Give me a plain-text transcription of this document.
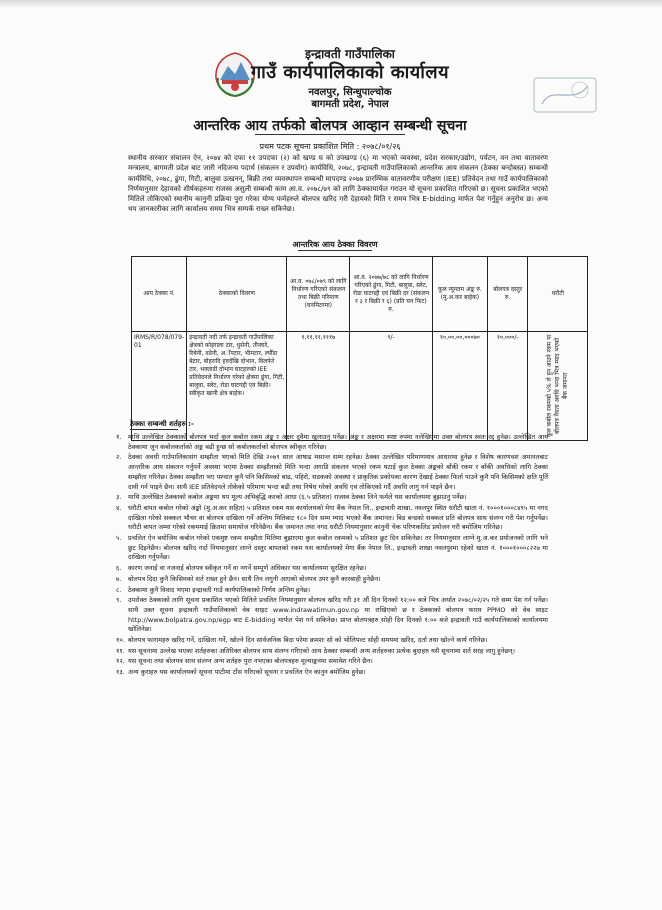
इन्द्रावती गाउँपालिका
गाउँ कार्यपालिकाको कार्यालय
नवलपुर, सिन्धुपाल्चोक
बागमती प्रदेश, नेपाल
आन्तरिक आय तर्फको बोलपत्र आव्हान सम्बन्धी सूचना
प्रथम पटक सूचना प्रकाशित मिति : २०७८/०१/२६
स्थानीय सरकार संचालन ऐन, २०७४ को दफा ११ उपदफा (२) को खण्ड घ को उपखण्ड (६) मा भएको व्यवस्था, प्रदेश सरकार/उद्योग, पर्यटन, वन तथा वातावरण मन्त्रालय, बागमती प्रदेश बाट जारी नदिजन्य पदार्थ (संकलन र उपयोग) कार्यविधि, २०७८, इन्द्रावती गाउँपालिकाको आन्तरिक आय संकलन (ठेक्का बन्दोबस्त) सम्बन्धी कार्यविधि, २०७८, ढुंगा, गिटी, बालुवा उत्खनन्, बिक्री तथा व्यवस्थापन सम्बन्धी मापदण्ड २०७७ प्रारम्भिक वातावरणीय परीक्षण (IEE) प्रतिवेदन तथा गाउँ कार्यपालिकाको निर्णयानुसार देहायको शीर्षकहरुमा राजस्व असुली सम्बन्धी काम आ.व. २०७८/७९ को लागि ठेक्कामार्फत गराउन यो सूचना प्रकाशित गरिएको छ। सूचना प्रकाशित भएको मितिले तोकिएको स्थानीय कानुनी प्रक्रिया पुरा गरेका योग्य फर्महरुले बोलपत्र खरिद गरी देहायको मिति र समय भित्र E-bidding मार्फत पेश गर्नुहुन अनुरोध छ। अन्य थप जानकारीका लागि कार्यालय समय भित्र सम्पर्क राख्न सकिनेछ।
आन्तरिक आय ठेक्का विवरण
आय ठेक्का नं.	ठेक्काको विवरण	आ.व. ०७८/०७९ को लागि निर्धारण गरिएको संकलन तथा बिक्री परिमाण (घनमिटरमा)	आ.व. २०७७/७८ को लागि निर्धारण गरिएको ढुंगा, गिटी, बालुवा, स्लेट, रोडा घाटगद्दी एवं बिक्री दर (संकलन र ३ र बिक्री र ६) (प्रति घन फिट) रु.	कूल न्यूनतम अंङ्क रु. (मु.अ.कर बाहेक)	बोलपत्र दस्तुर रु.	धरौटी
IRMS/R/078/079-01	इन्द्रावती नदी तर्फ इन्द्रावती गाउँपालिका क्षेत्रको कोइराला टार, धुसेनी, तीनघरे, रिबेनी, वडेनी, अाँपटार, भीमटार, ल्यौँडा बेटार, बोहरादि हरुदेखि दोभान, विलफेरे टार, भक्ताडी दोभान घाटहरुको IEE प्रतिवेदनले निर्धारण गरेको क्षेत्रमा ढुंगा, गिटी, बालुवा, स्लेट, रोडा घाटगद्दी एवं बिक्री। स्वीकृत खानी क्षेत्र बाहेक।	१,११,११,१११७	९/-	१०,००,००,०००७०	१०,०००/-	कूल कबोल रकमको ५% ले हुन आउने रकम या बोलपत्र वैधता अवधि भन्दा भित्र म्याद भएको बैंक जमानत
ठेक्का सम्बन्धी शर्तहरु :-
१.	माथि उल्लेखित ठेक्काको बोलपत्र भर्दा कुल कबोल रकम अंङ्क र अक्षर दुवैमा खुलाउनु पर्नेछ। अंङ्क र अक्षरमा स्पष्ट रुपमा नलेखिएमा उक्त बोलपत्र स्वतः रद्द हुनेछ। उल्लेखित आय ठेक्कामा जुन कबोलकर्ताको अंङ्क बढी हुन्छ सो कबोलकर्ताको बोलपत्र स्वीकृत गरिनेछ।
२.	ठेक्का अवधी गाउँपालिकासंग सम्झौता भएको मिति देखि २०७९ साल आषाढ मसान्त सम्म रहनेछ। ठेक्का उल्लेखित परिमाणमात्र आधारमा हुनेछ र विशेष कारणवश अमानतबाट आन्तरिक आय संकलन गर्नुपर्ने अवस्था भएमा ठेक्का सम्झौताको मिति भन्दा अगाडि संकलन भएको रकम घटाई कुल ठेक्का अंङ्कको बाँकी रकम र बाँकी अवधिको लागि ठेक्का सम्झौता गरिनेछ। ठेक्का सम्झौता भए पश्चात कुनै पनि किसिमको बाढ, पहिरो, सडकको अवस्था र प्राकृतिक प्रकोपका कारण देखाई ठेक्का फिर्ता पाउने कुनै पनि किसिमको क्षति पूर्ति दावी गर्न पाइने छैन। साथै IEE प्रतिवेदनले तोकेको परिमाण भन्दा बढी तथा निषेध गरेको अवधि एवं तोकिएको गर्दै अवधि लागु गर्न पाइने छैन।
३.	माथि उल्लेखित ठेक्काको कबोल अङ्कमा थप मूल्य अभिबृद्धि करको आधा (६.५ प्रतिशत) राजस्व ठेक्का लिने फर्मले यस कार्यालयमा बुझाउनु पर्नेछ।
४.	धरौटी बापत कबोल गरेको अंङ्को (मु.अ.कर सहित) ५ प्रतिशत रकम यस कार्यालयको मेगा बैंक नेपाल लि., इन्द्रावती शाखा, नवलपुर स्थित धरौटी खाता नं. १०००१०००८४९५ मा नगद दाखिला गरेको सक्कल भौचर वा बोलपत्र दाखिला गर्ने अन्तिम मितिबाट १८० दिन सम्म म्याद भएको बैंक जमानत। बिड बन्डको सक्कल प्रति बोलपत्र साथ संलग्न गरी पेश गर्नुपर्नेछ। धरौटी बापत जम्मा गरेको रकममाई क्रितमा समायोज गरिनेछैन। बैंक जमानत तथा नगद धरौटी नियमानुसार कानुनी चेक परिणकलिड प्रयोजन गरी बमोजिम गरिनेछ।
५.	प्रचलित ऐन बमोजिम कबोल गरेको एकमुष्ट रकम सम्झौता मितिमा बुझाएमा कुल कबोल रकमको ५ प्रतिशत छुट दिन सकिनेछ। तर नियमानुसार लाग्ने मु.अ.कर प्रयोजनको लागि भने छुट दिइनेछैन। बोलपत्र खरिद गर्दा नियमानुसार लाग्ने दस्तुर बापतको रकम यस कार्यालयको मेगा बैंक नेपाल लि., इन्द्रावती शाखा नवलपुरमा रहेको खाता नं. १०००१०००८२२७ मा दाखिला गर्नुपर्नेछ।
६.	कारण जनाई वा नजनाई बोलपत्र स्वीकृत गर्ने वा नगर्ने सम्पूर्ण अधिकार यस कार्यालयमा सुरक्षित रहनेछ।
७.	बोलपत्र दिदा कुनै किसिमको शर्त राख्न हुने छैन। साथै तिन लगुनी आएको बोलपत्र उपर कुनै कारबाही हुनेछैन।
८.	ठेक्कामा कुनै विवाद भएमा इन्द्रावती गाउँ कार्यपालिकाको निर्णय अन्तिम हुनेछ।
९.	उपरोक्त ठेक्काको लागि सूचना प्रकाशित भएको मितिले प्रचलित नियमानुसार बोलपत्र खरिद गरी ३१ औं दिन दिनको १२:०० बजे भित्र अर्थात २०७८/०२/२५ गते सम्म पेश गर्न पर्नेछ। साथै उक्त सूचना इन्द्रावती गाउँपालिकाको वेब साइट www.indrawatimun.gov.np मा राखिएको छ र ठेक्काको बोलपत्र फारम PPMO को वेब साइट http://www.bolpatra.gov.np/egp बाट E-bidding मार्फत पेश गर्न सकिनेछ। प्राप्त बोलपत्रहरु सोही दिन दिनको १:०० बजे इन्द्रावती गाउँ कार्यपालिकाको कार्यालयमा खोलिनेछ।
१०. बोलपत्र फारामहरु खरिद गर्ने, दाखिला गर्ने, खोल्ने दिन सार्वजनिक बिदा परेमा क्रमशः सो को भोलिपल्ट सोही समयमा खरिद, दर्ता तथा खोल्ने कार्य गरिनेछ।
११. यस सूचनामा उल्लेख भएका शर्तहरुका अतिरिक्त बोलपत्र साथ संलग्न गरिएको आय ठेक्का सम्बन्धी अन्य शर्तहरुका प्रत्येक बुदाहरु यसै सूचनामा शर्त सरह लागु हुनेछन्।
१२. यस सूचना तथा बोलपत्र साथ संलग्न अन्य शर्तहरु पुरा नभएका बोलपत्रहरु मूल्याङ्कनमा समावेश गरिने छैन।
१३. अन्य कुराहरु यस कार्यालयको सूचना पाटीमा टाँस गरिएको सूचना र प्रचलित ऐन कानुन बमोजिम हुनेछ।
